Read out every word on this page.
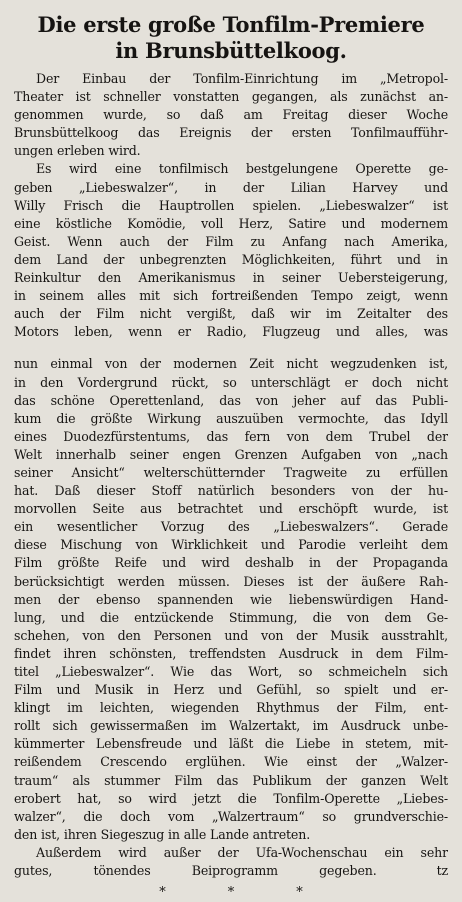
Die erste große Tonfilm-Premiere
in Brunsbüttelkoog.
Der Einbau der Tonfilm-Einrichtung im „Metropol-
Theater ist schneller vonstatten gegangen, als zunächst an-
genommen wurde, so daß am Freitag dieser Woche
Brunsbüttelkoog das Ereignis der ersten Tonfilmaufführ-
ungen erleben wird.
Es wird eine tonfilmisch bestgelungene Operette ge-
geben „Liebeswalzer“, in der Lilian Harvey und
Willy Frisch die Hauptrollen spielen. „Liebeswalzer“ ist
eine köstliche Komödie, voll Herz, Satire und modernem
Geist. Wenn auch der Film zu Anfang nach Amerika,
dem Land der unbegrenzten Möglichkeiten, führt und in
Reinkultur den Amerikanismus in seiner Uebersteigerung,
in seinem alles mit sich fortreißenden Tempo zeigt, wenn
auch der Film nicht vergißt, daß wir im Zeitalter des
Motors leben, wenn er Radio, Flugzeug und alles, was
nun einmal von der modernen Zeit nicht wegzudenken ist,
in den Vordergrund rückt, so unterschlägt er doch nicht
das schöne Operettenland, das von jeher auf das Publi-
kum die größte Wirkung auszuüben vermochte, das Idyll
eines Duodezfürstentums, das fern von dem Trubel der
Welt innerhalb seiner engen Grenzen Aufgaben von „nach
seiner Ansicht“ welterschütternder Tragweite zu erfüllen
hat. Daß dieser Stoff natürlich besonders von der hu-
morvollen Seite aus betrachtet und erschöpft wurde, ist
ein wesentlicher Vorzug des „Liebeswalzers“. Gerade
diese Mischung von Wirklichkeit und Parodie verleiht dem
Film größte Reife und wird deshalb in der Propaganda
berücksichtigt werden müssen. Dieses ist der äußere Rah-
men der ebenso spannenden wie liebenswürdigen Hand-
lung, und die entzückende Stimmung, die von dem Ge-
schehen, von den Personen und von der Musik ausstrahlt,
findet ihren schönsten, treffendsten Ausdruck in dem Film-
titel „Liebeswalzer“. Wie das Wort, so schmeicheln sich
Film und Musik in Herz und Gefühl, so spielt und er-
klingt im leichten, wiegenden Rhythmus der Film, ent-
rollt sich gewissermaßen im Walzertakt, im Ausdruck unbe-
kümmerter Lebensfreude und läßt die Liebe in stetem, mit-
reißendem Crescendo erglühen. Wie einst der „Walzer-
traum“ als stummer Film das Publikum der ganzen Welt
erobert hat, so wird jetzt die Tonfilm-Operette „Liebes-
walzer“, die doch vom „Walzertraum“ so grundverschie-
den ist, ihren Siegeszug in alle Lande antreten.
Außerdem wird außer der Ufa-Wochenschau ein sehr
gutes, tönendes Beiprogramm gegeben.	tz
*	*	*
